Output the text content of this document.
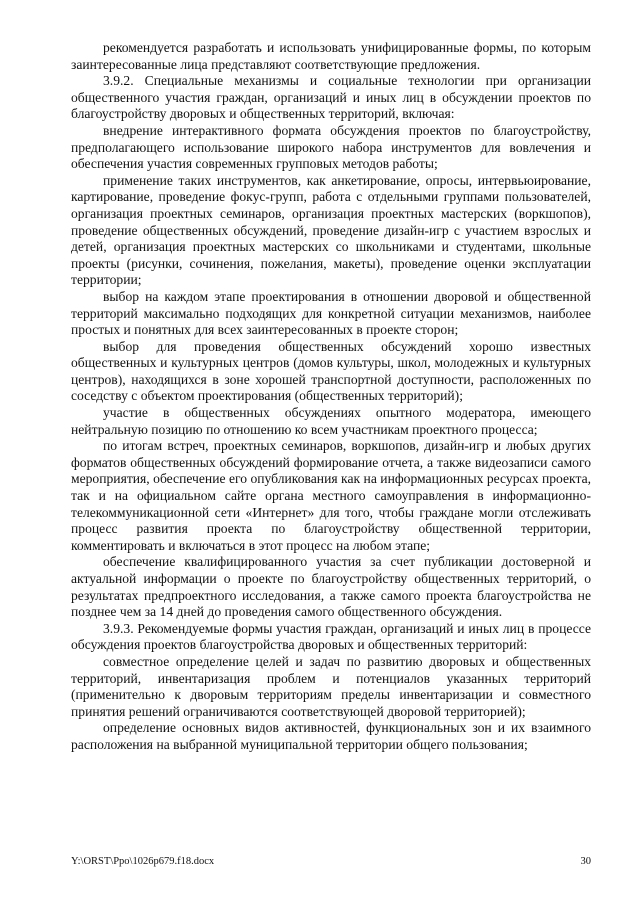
рекомендуется разработать и использовать унифицированные формы, по которым заинтересованные лица представляют соответствующие предложения.

3.9.2. Специальные механизмы и социальные технологии при организации общественного участия граждан, организаций и иных лиц в обсуждении проектов по благоустройству дворовых и общественных территорий, включая:

внедрение интерактивного формата обсуждения проектов по благоустройству, предполагающего использование широкого набора инструментов для вовлечения и обеспечения участия современных групповых методов работы;

применение таких инструментов, как анкетирование, опросы, интервьюирование, картирование, проведение фокус-групп, работа с отдельными группами пользователей, организация проектных семинаров, организация проектных мастерских (воркшопов), проведение общественных обсуждений, проведение дизайн-игр с участием взрослых и детей, организация проектных мастерских со школьниками и студентами, школьные проекты (рисунки, сочинения, пожелания, макеты), проведение оценки эксплуатации территории;

выбор на каждом этапе проектирования в отношении дворовой и общественной территорий максимально подходящих для конкретной ситуации механизмов, наиболее простых и понятных для всех заинтересованных в проекте сторон;

выбор для проведения общественных обсуждений хорошо известных общественных и культурных центров (домов культуры, школ, молодежных и культурных центров), находящихся в зоне хорошей транспортной доступности, расположенных по соседству с объектом проектирования (общественных территорий);

участие в общественных обсуждениях опытного модератора, имеющего нейтральную позицию по отношению ко всем участникам проектного процесса;

по итогам встреч, проектных семинаров, воркшопов, дизайн-игр и любых других форматов общественных обсуждений формирование отчета, а также видеозаписи самого мероприятия, обеспечение его опубликования как на информационных ресурсах проекта, так и на официальном сайте органа местного самоуправления в информационно-телекоммуникационной сети «Интернет» для того, чтобы граждане могли отслеживать процесс развития проекта по благоустройству общественной территории, комментировать и включаться в этот процесс на любом этапе;

обеспечение квалифицированного участия за счет публикации достоверной и актуальной информации о проекте по благоустройству общественных территорий, о результатах предпроектного исследования, а также самого проекта благоустройства не позднее чем за 14 дней до проведения самого общественного обсуждения.

3.9.3. Рекомендуемые формы участия граждан, организаций и иных лиц в процессе обсуждения проектов благоустройства дворовых и общественных территорий:

совместное определение целей и задач по развитию дворовых и общественных территорий, инвентаризация проблем и потенциалов указанных территорий (применительно к дворовым территориям пределы инвентаризации и совместного принятия решений ограничиваются соответствующей дворовой территорией);

определение основных видов активностей, функциональных зон и их взаимного расположения на выбранной муниципальной территории общего пользования;

Y:\ORST\Ppo\1026p679.f18.docx	30
